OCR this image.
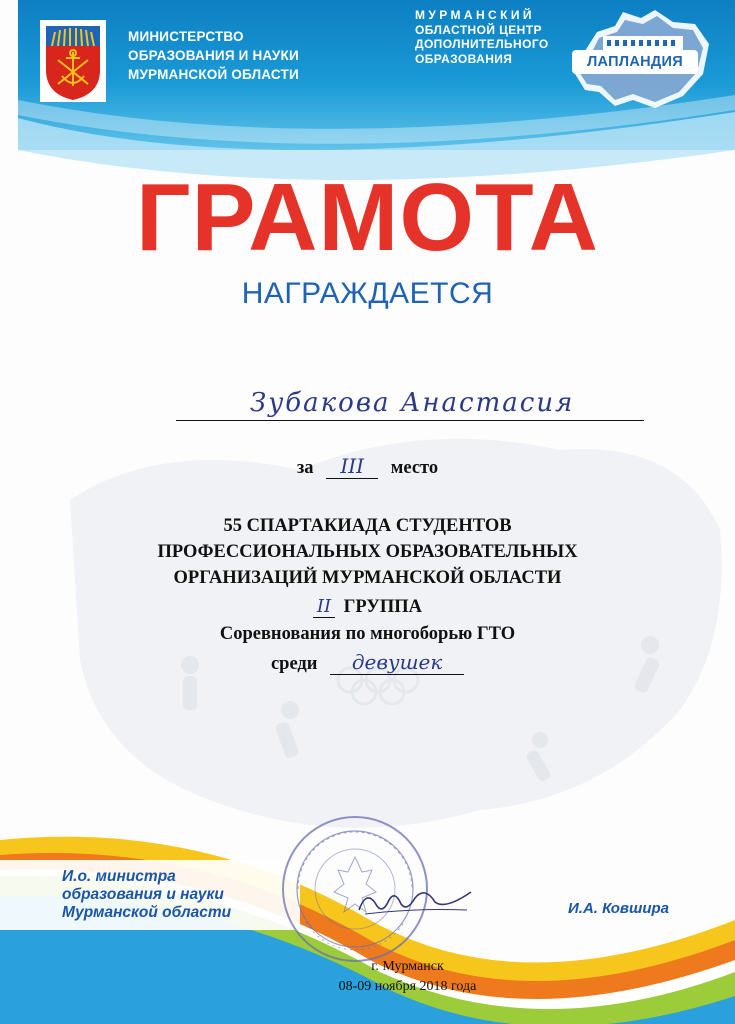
МИНИСТЕРСТВО
ОБРАЗОВАНИЯ И НАУКИ
МУРМАНСКОЙ ОБЛАСТИ
МУРМАНСКИЙ
ОБЛАСТНОЙ ЦЕНТР
ДОПОЛНИТЕЛЬНОГО
ОБРАЗОВАНИЯ	ЛАПЛАНДИЯ
ГРАМОТА
НАГРАЖДАЕТСЯ
Зубакова Анастасия
за III место
55 СПАРТАКИАДА СТУДЕНТОВ
ПРОФЕССИОНАЛЬНЫХ ОБРАЗОВАТЕЛЬНЫХ
ОРГАНИЗАЦИЙ МУРМАНСКОЙ ОБЛАСТИ
II ГРУППА
Соревнования по многоборью ГТО
среди девушек
И.о. министра
образования и науки
Мурманской области	И.А. Ковшира
г. Мурманск
08-09 ноября 2018 года
